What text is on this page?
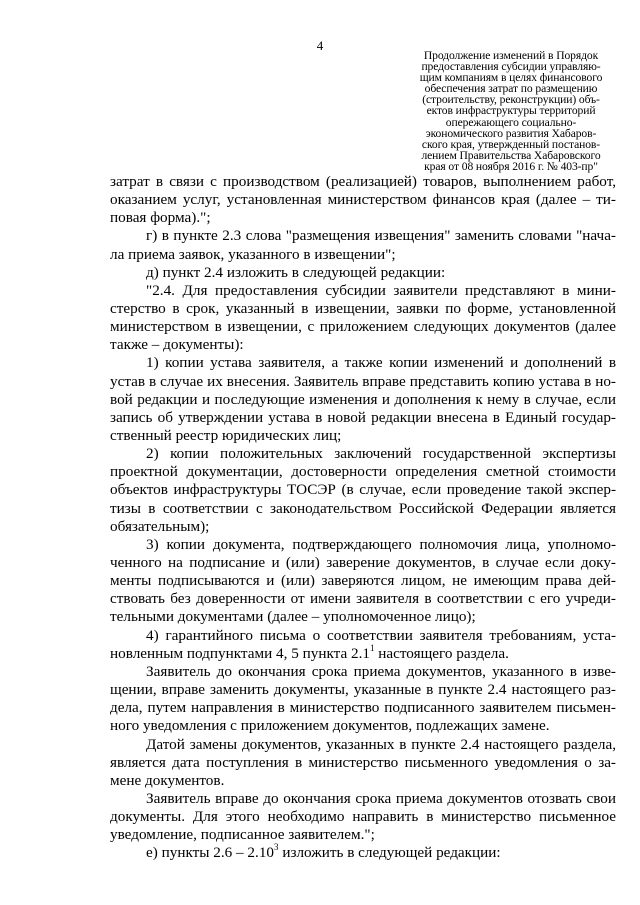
4
Продолжение изменений в Порядок
предоставления субсидии управляю-
щим компаниям в целях финансового
обеспечения затрат по размещению
(строительству, реконструкции) объ-
ектов инфраструктуры территорий
опережающего социально-
экономического развития Хабаров-
ского края, утвержденный постанов-
лением Правительства Хабаровского
края от 08 ноября 2016 г. № 403-пр"
затрат в связи с производством (реализацией) товаров, выполнением работ,
оказанием услуг, установленная министерством финансов края (далее – ти-
повая форма).";
г) в пункте 2.3 слова "размещения извещения" заменить словами "нача-
ла приема заявок, указанного в извещении";
д) пункт 2.4 изложить в следующей редакции:
"2.4. Для предоставления субсидии заявители представляют в мини-
стерство в срок, указанный в извещении, заявки по форме, установленной
министерством в извещении, с приложением следующих документов (далее
также – документы):
1) копии устава заявителя, а также копии изменений и дополнений в
устав в случае их внесения. Заявитель вправе представить копию устава в но-
вой редакции и последующие изменения и дополнения к нему в случае, если
запись об утверждении устава в новой редакции внесена в Единый государ-
ственный реестр юридических лиц;
2) копии положительных заключений государственной экспертизы
проектной документации, достоверности определения сметной стоимости
объектов инфраструктуры ТОСЭР (в случае, если проведение такой экспер-
тизы в соответствии с законодательством Российской Федерации является
обязательным);
3) копии документа, подтверждающего полномочия лица, уполномо-
ченного на подписание и (или) заверение документов, в случае если доку-
менты подписываются и (или) заверяются лицом, не имеющим права дей-
ствовать без доверенности от имени заявителя в соответствии с его учреди-
тельными документами (далее – уполномоченное лицо);
4) гарантийного письма о соответствии заявителя требованиям, уста-
новленным подпунктами 4, 5 пункта $2.1^1$ настоящего раздела.
Заявитель до окончания срока приема документов, указанного в изве-
щении, вправе заменить документы, указанные в пункте 2.4 настоящего раз-
дела, путем направления в министерство подписанного заявителем письмен-
ного уведомления с приложением документов, подлежащих замене.
Датой замены документов, указанных в пункте 2.4 настоящего раздела,
является дата поступления в министерство письменного уведомления о за-
мене документов.
Заявитель вправе до окончания срока приема документов отозвать свои
документы. Для этого необходимо направить в министерство письменное
уведомление, подписанное заявителем.";
е) пункты 2.6 – 2.10$^3$ изложить в следующей редакции:
